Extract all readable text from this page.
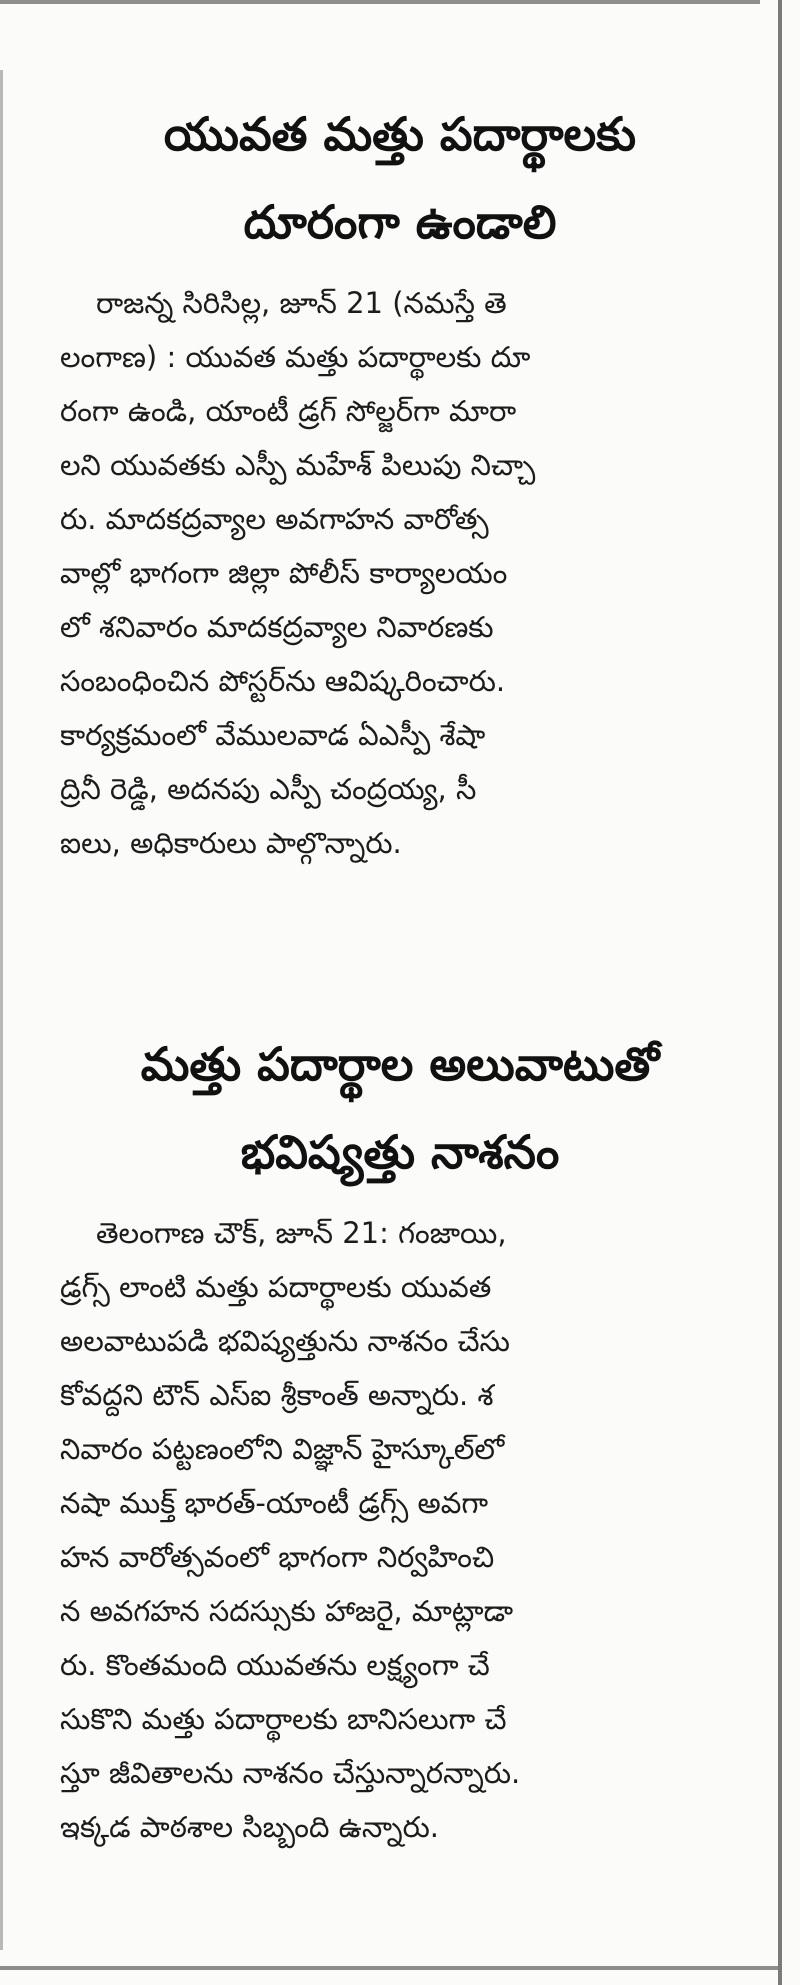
యువత మత్తు పదార్థాలకు
దూరంగా ఉండాలి
రాజన్న సిరిసిల్ల, జూన్ 21 (నమస్తే తె
లంగాణ) : యువత మత్తు పదార్థాలకు దూ
రంగా ఉండి, యాంటీ డ్రగ్ సోల్జర్‌గా మారా
లని యువతకు ఎస్పీ మహేశ్ పిలుపు నిచ్చా
రు. మాదకద్రవ్యాల అవగాహన వారోత్స
వాల్లో భాగంగా జిల్లా పోలీస్ కార్యాలయం
లో శనివారం మాదకద్రవ్యాల నివారణకు
సంబంధించిన పోస్టర్‌ను ఆవిష్కరించారు.
కార్యక్రమంలో వేములవాడ ఏఎస్పీ శేషా
ద్రినీ రెడ్డి, అదనపు ఎస్పీ చంద్రయ్య, సీ
ఐలు, అధికారులు పాల్గొన్నారు.
మత్తు పదార్థాల అలువాటుతో
భవిష్యత్తు నాశనం
తెలంగాణ చౌక్, జూన్ 21: గంజాయి,
డ్రగ్స్ లాంటి మత్తు పదార్థాలకు యువత
అలవాటుపడి భవిష్యత్తును నాశనం చేసు
కోవద్దని టౌన్ ఎస్ఐ శ్రీకాంత్ అన్నారు. శ
నివారం పట్టణంలోని విజ్ఞాన్ హైస్కూల్‌లో
నషా ముక్త్ భారత్-యాంటీ డ్రగ్స్ అవగా
హన వారోత్సవంలో భాగంగా నిర్వహించి
న అవగహన సదస్సుకు హాజరై, మాట్లాడా
రు. కొంతమంది యువతను లక్ష్యంగా చే
సుకొని మత్తు పదార్థాలకు బానిసలుగా చే
స్తూ జీవితాలను నాశనం చేస్తున్నారన్నారు.
ఇక్కడ పాఠశాల సిబ్బంది ఉన్నారు.
